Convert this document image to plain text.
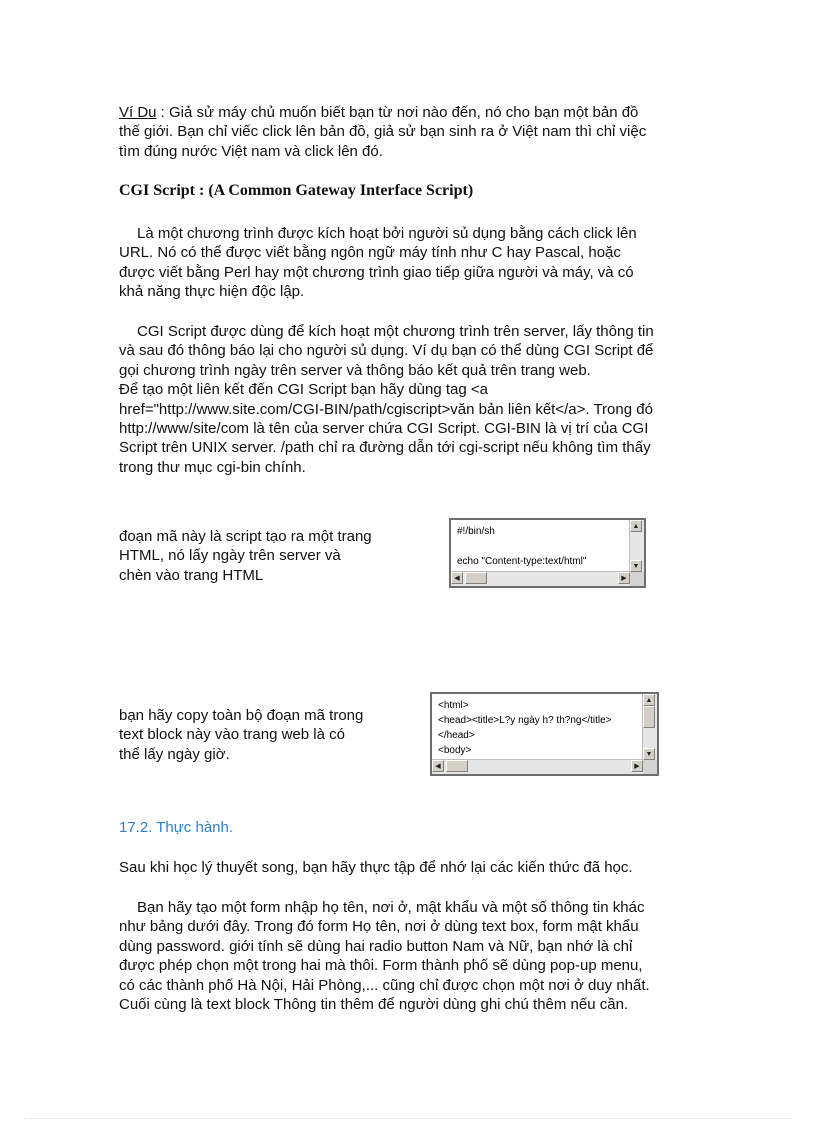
Ví Du : Giả sử máy chủ muốn biết bạn từ nơi nào đến, nó cho bạn một bản đồ
thế giới. Bạn chỉ viếc click lên bản đồ, giả sử bạn sinh ra ở Việt nam thì chỉ việc
tìm đúng nước Việt nam và click lên đó.

CGI Script : (A Common Gateway Interface Script)

Là một chương trình được kích hoạt bởi người sủ dụng bằng cách click lên
URL. Nó có thể được viết bằng ngôn ngữ máy tính như C hay Pascal, hoặc
được viết bằng Perl hay một chương trình giao tiếp giữa người và máy, và có
khả năng thực hiện độc lập.

CGI Script được dùng để kích hoạt một chương trình trên server, lấy thông tin
và sau đó thông báo lại cho người sủ dụng. Ví dụ bạn có thể dùng CGI Script để
gọi chương trình ngày trên server và thông báo kết quả trên trang web.
Để tạo một liên kết đến CGI Script bạn hãy dùng tag <a
href="http://www.site.com/CGI-BIN/path/cgiscript>văn bản liên kết</a>. Trong đó
http://www/site/com là tên của server chứa CGI Script. CGI-BIN là vị trí của CGI
Script trên UNIX server. /path chỉ ra đường dẫn tới cgi-script nếu không tìm thấy
trong thư mục cgi-bin chính.

đoạn mã này là script tạo ra một trang
HTML, nó lấy ngày trên server và
chèn vào trang HTML

#!/bin/sh
echo "Content-type:text/html"
▲
▼
◀	▶

bạn hãy copy toàn bộ đoạn mã trong
text block này vào trang web là có
thể lấy ngày giờ.

<html>
<head><title>L?y ngày h? th?ng</title>
</head>
<body>
▲
▼
◀	▶

17.2. Thực hành.

Sau khi học lý thuyết song, bạn hãy thực tập để nhớ lại các kiến thức đã học.

Bạn hãy tạo một form nhập họ tên, nơi ở, mật khẩu và một số thông tin khác
như bảng dưới đây. Trong đó form Họ tên, nơi ở dùng text box, form mật khẩu
dùng password. giới tính sẽ dùng hai radio button Nam và Nữ, bạn nhớ là chỉ
được phép chọn một trong hai mà thôi. Form thành phố sẽ dùng pop-up menu,
có các thành phố Hà Nội, Hải Phòng,... cũng chỉ được chọn một nơi ở duy nhất.
Cuối cùng là text block Thông tin thêm để người dùng ghi chú thêm nếu cần.
